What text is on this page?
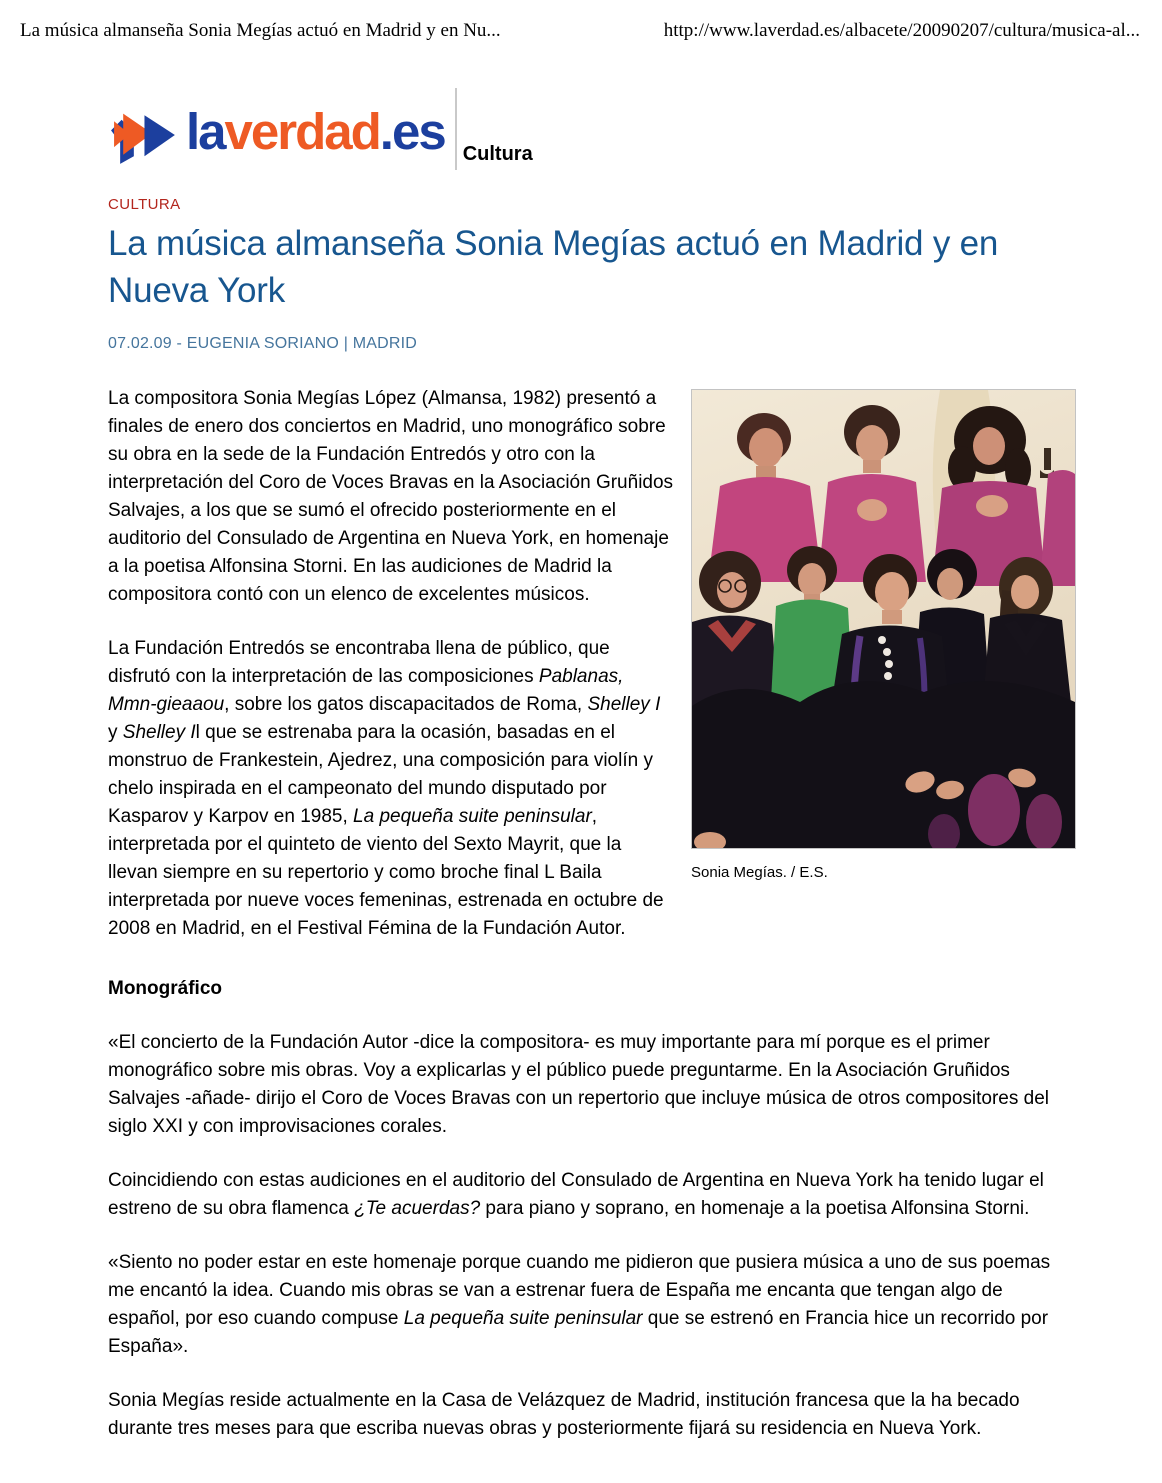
La música almanseña Sonia Megías actuó en Madrid y en Nu...	http://www.laverdad.es/albacete/20090207/cultura/musica-al...
laverdad.es Cultura
CULTURA
La música almanseña Sonia Megías actuó en Madrid y en Nueva York
07.02.09 - EUGENIA SORIANO | MADRID
Sonia Megías. / E.S.

La compositora Sonia Megías López (Almansa, 1982) presentó a finales de enero dos conciertos en Madrid, uno monográfico sobre su obra en la sede de la Fundación Entredós y otro con la interpretación del Coro de Voces Bravas en la Asociación Gruñidos Salvajes, a los que se sumó el ofrecido posteriormente en el auditorio del Consulado de Argentina en Nueva York, en homenaje a la poetisa Alfonsina Storni. En las audiciones de Madrid la compositora contó con un elenco de excelentes músicos.

La Fundación Entredós se encontraba llena de público, que disfrutó con la interpretación de las composiciones Pablanas, Mmn-gieaaou, sobre los gatos discapacitados de Roma, Shelley I y Shelley Il que se estrenaba para la ocasión, basadas en el monstruo de Frankestein, Ajedrez, una composición para violín y chelo inspirada en el campeonato del mundo disputado por Kasparov y Karpov en 1985, La pequeña suite peninsular, interpretada por el quinteto de viento del Sexto Mayrit, que la llevan siempre en su repertorio y como broche final L Baila interpretada por nueve voces femeninas, estrenada en octubre de 2008 en Madrid, en el Festival Fémina de la Fundación Autor.

Monográfico

«El concierto de la Fundación Autor -dice la compositora- es muy importante para mí porque es el primer monográfico sobre mis obras. Voy a explicarlas y el público puede preguntarme. En la Asociación Gruñidos Salvajes -añade- dirijo el Coro de Voces Bravas con un repertorio que incluye música de otros compositores del siglo XXI y con improvisaciones corales.

Coincidiendo con estas audiciones en el auditorio del Consulado de Argentina en Nueva York ha tenido lugar el estreno de su obra flamenca ¿Te acuerdas? para piano y soprano, en homenaje a la poetisa Alfonsina Storni.

«Siento no poder estar en este homenaje porque cuando me pidieron que pusiera música a uno de sus poemas me encantó la idea. Cuando mis obras se van a estrenar fuera de España me encanta que tengan algo de español, por eso cuando compuse La pequeña suite peninsular que se estrenó en Francia hice un recorrido por España».

Sonia Megías reside actualmente en la Casa de Velázquez de Madrid, institución francesa que la ha becado durante tres meses para que escriba nuevas obras y posteriormente fijará su residencia en Nueva York.
